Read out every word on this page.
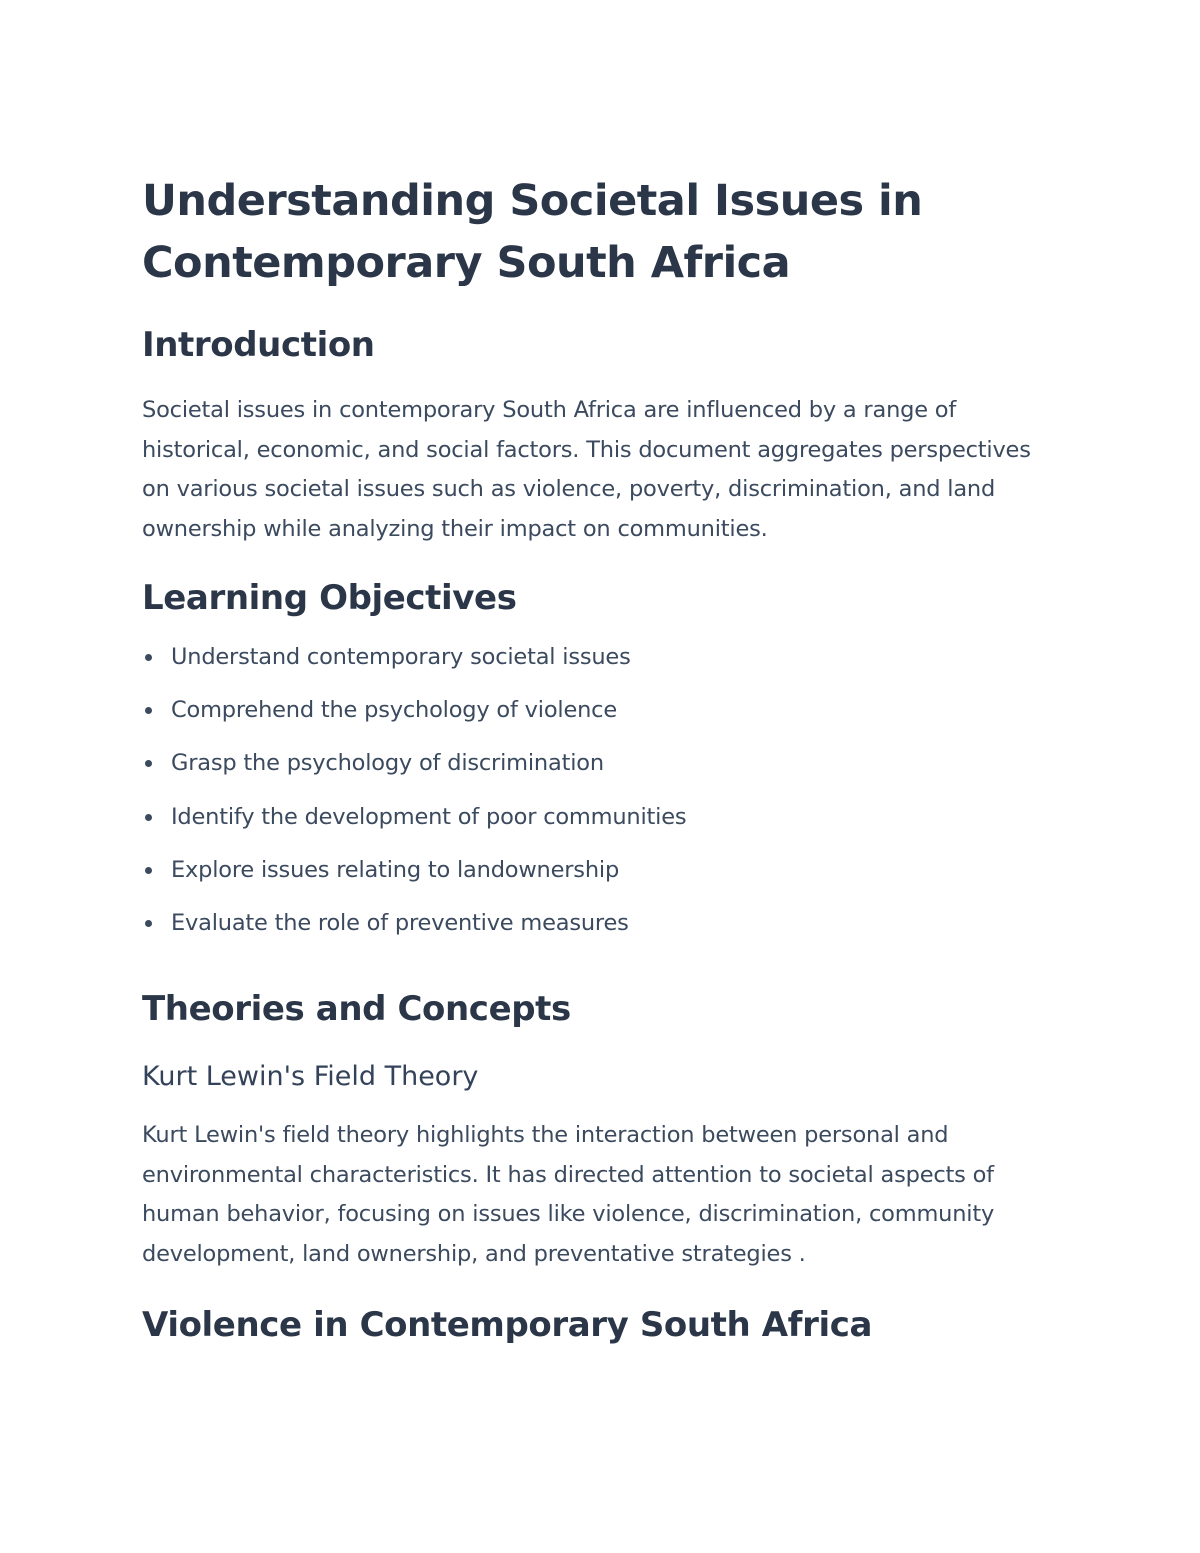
Understanding Societal Issues in Contemporary South Africa
Introduction

Societal issues in contemporary South Africa are influenced by a range of historical, economic, and social factors. This document aggregates perspectives on various societal issues such as violence, poverty, discrimination, and land ownership while analyzing their impact on communities.

Learning Objectives
Understand contemporary societal issues
Comprehend the psychology of violence
Grasp the psychology of discrimination
Identify the development of poor communities
Explore issues relating to landownership
Evaluate the role of preventive measures
Theories and Concepts
Kurt Lewin's Field Theory

Kurt Lewin's field theory highlights the interaction between personal and environmental characteristics. It has directed attention to societal aspects of human behavior, focusing on issues like violence, discrimination, community development, land ownership, and preventative strategies .

Violence in Contemporary South Africa
